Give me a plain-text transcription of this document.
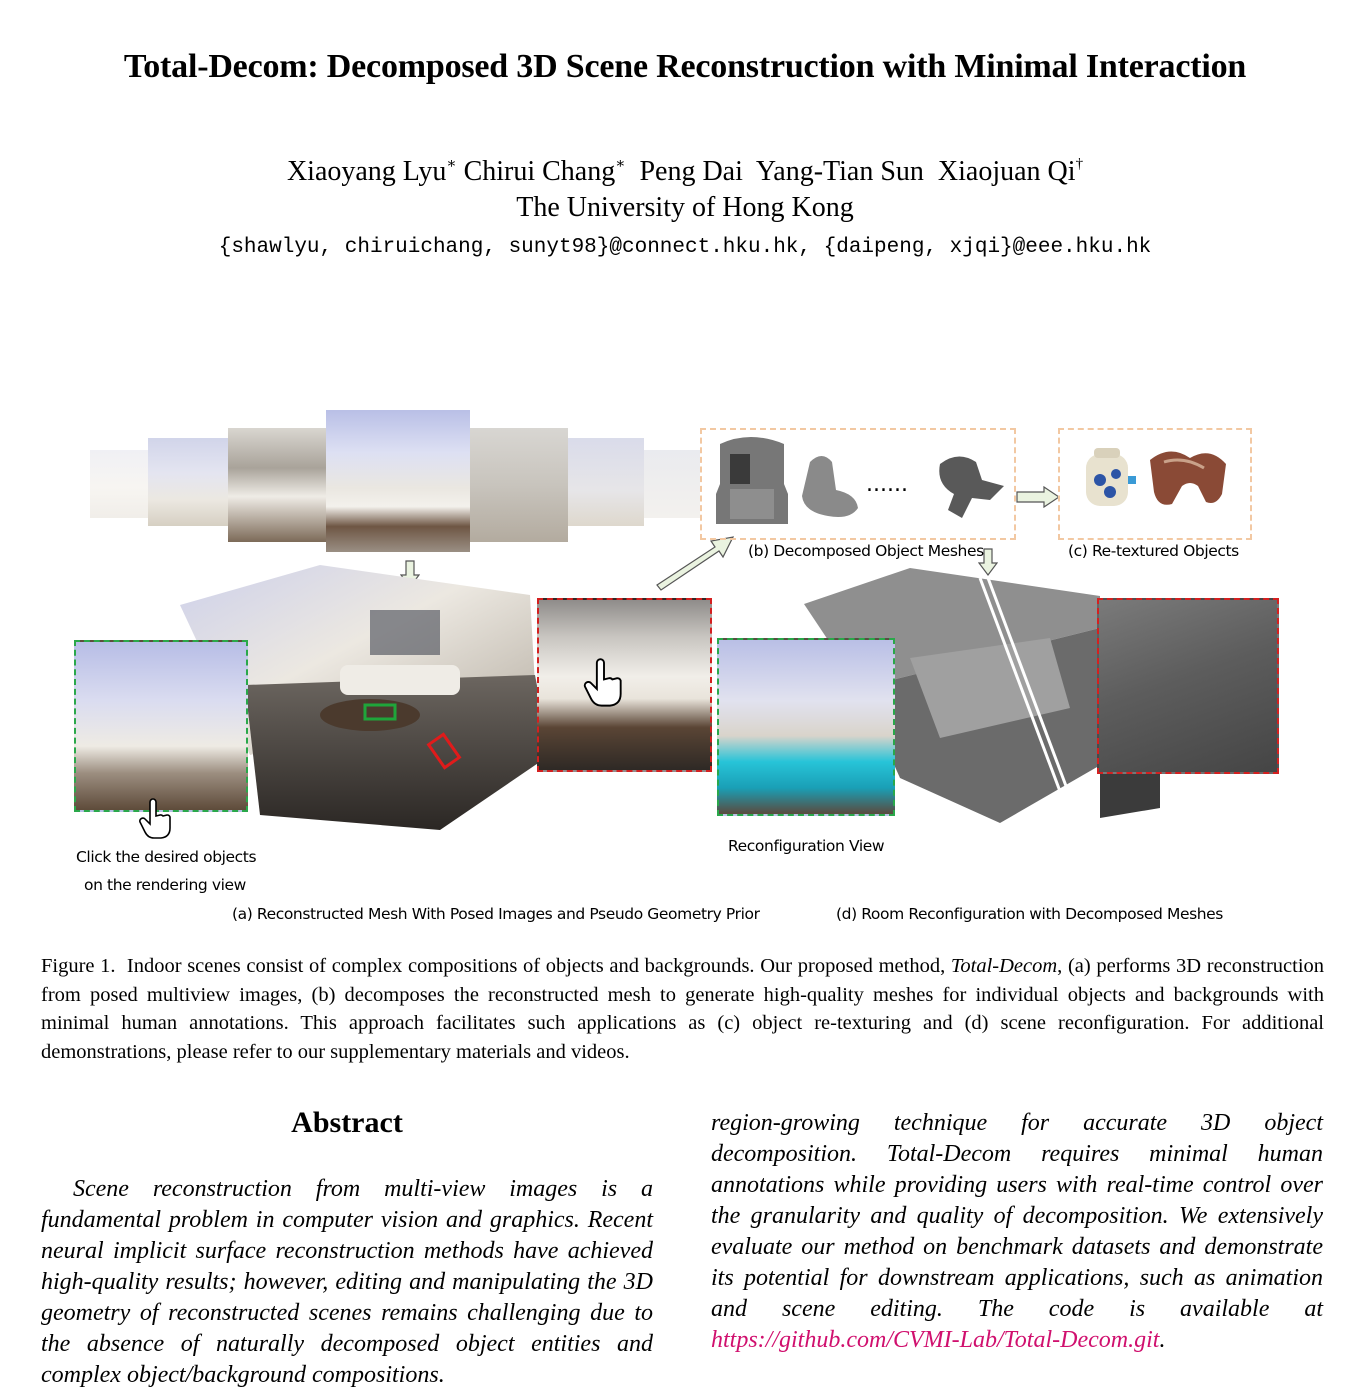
Total-Decom: Decomposed 3D Scene Reconstruction with Minimal Interaction
Xiaoyang Lyu∗ Chirui Chang∗ Peng Dai Yang-Tian Sun Xiaojuan Qi†
The University of Hong Kong
{shawlyu, chiruichang, sunyt98}@connect.hku.hk, {daipeng, xjqi}@eee.hku.hk
......
(b) Decomposed Object Meshes	(c) Re-textured Objects
Click the desired objects
on the rendering view
Reconfiguration View
(a) Reconstructed Mesh With Posed Images and Pseudo Geometry Prior	(d) Room Reconfiguration with Decomposed Meshes
Figure 1. Indoor scenes consist of complex compositions of objects and backgrounds. Our proposed method, Total-Decom, (a) performs 3D reconstruction from posed multiview images, (b) decomposes the reconstructed mesh to generate high-quality meshes for individual objects and backgrounds with minimal human annotations. This approach facilitates such applications as (c) object re-texturing and (d) scene reconfiguration. For additional demonstrations, please refer to our supplementary materials and videos.
Abstract
Scene reconstruction from multi-view images is a fundamental problem in computer vision and graphics. Recent neural implicit surface reconstruction methods have achieved high-quality results; however, editing and manipulating the 3D geometry of reconstructed scenes remains challenging due to the absence of naturally decomposed object entities and complex object/background compositions.
region-growing technique for accurate 3D object decomposition. Total-Decom requires minimal human annotations while providing users with real-time control over the granularity and quality of decomposition. We extensively evaluate our method on benchmark datasets and demonstrate its potential for downstream applications, such as animation and scene editing. The code is available at https://github.com/CVMI-Lab/Total-Decom.git.
